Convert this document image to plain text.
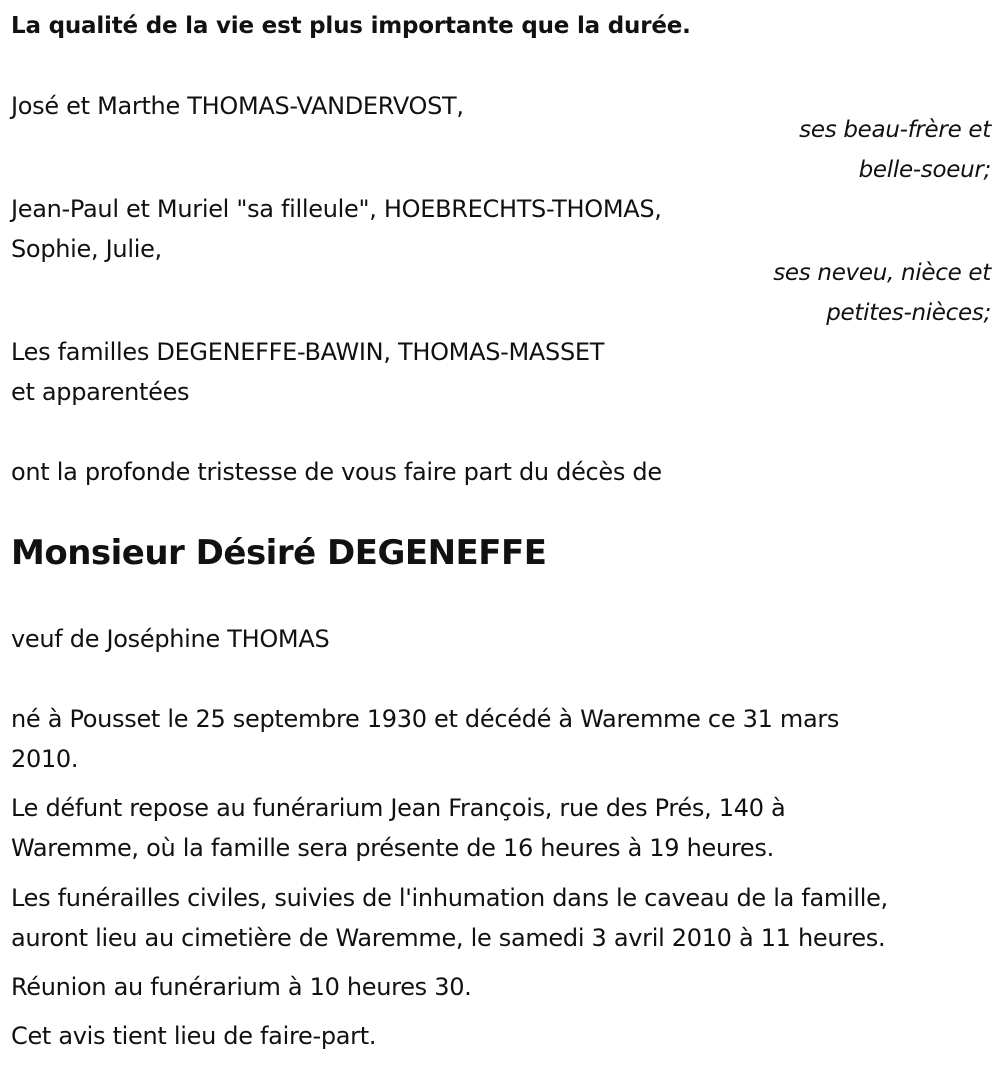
La qualité de la vie est plus importante que la durée.
José et Marthe THOMAS-VANDERVOST,
ses beau-frère et
belle-soeur;
Jean-Paul et Muriel "sa filleule", HOEBRECHTS-THOMAS,
Sophie, Julie,
ses neveu, nièce et
petites-nièces;
Les familles DEGENEFFE-BAWIN, THOMAS-MASSET
et apparentées
ont la profonde tristesse de vous faire part du décès de
Monsieur Désiré DEGENEFFE
veuf de Joséphine THOMAS
né à Pousset le 25 septembre 1930 et décédé à Waremme ce 31 mars
2010.
Le défunt repose au funérarium Jean François, rue des Prés, 140 à
Waremme, où la famille sera présente de 16 heures à 19 heures.
Les funérailles civiles, suivies de l'inhumation dans le caveau de la famille,
auront lieu au cimetière de Waremme, le samedi 3 avril 2010 à 11 heures.
Réunion au funérarium à 10 heures 30.
Cet avis tient lieu de faire-part.
